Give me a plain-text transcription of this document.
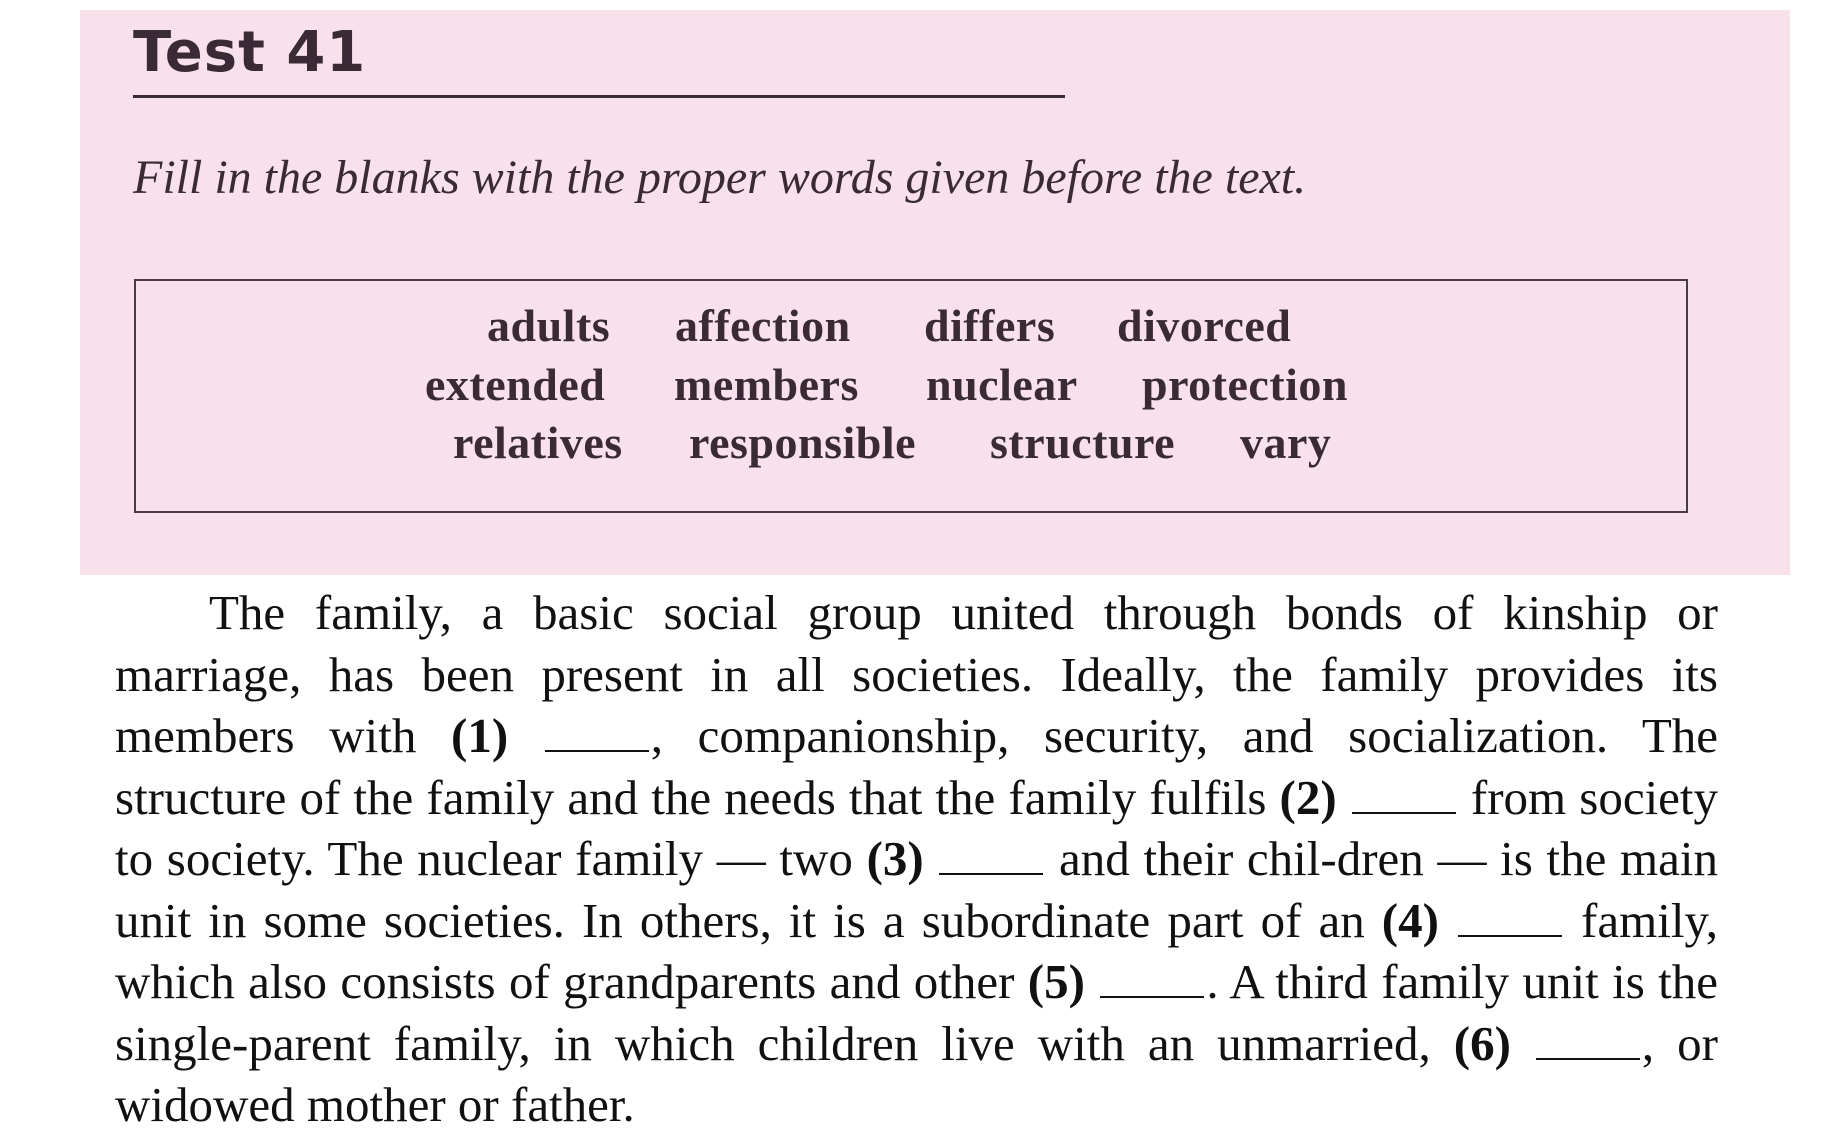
Test 41

Fill in the blanks with the proper words given before the text.

adults affection differs divorced
extended members nuclear protection
relatives responsible structure vary

The family, a basic social group united through bonds of kinship or marriage, has been present in all societies. Ideally, the family provides its members with (1)	, companionship, security, and socialization. The structure of the family and the needs that the family fulfils (2)	from society to society. The nuclear family — two (3)	and their chil-dren — is the main unit in some societies. In others, it is a subordinate part of an (4)	family, which also consists of grandparents and other (5) . A third family unit is the single-parent family, in which children live with an unmarried, (6)	, or widowed mother or father.
